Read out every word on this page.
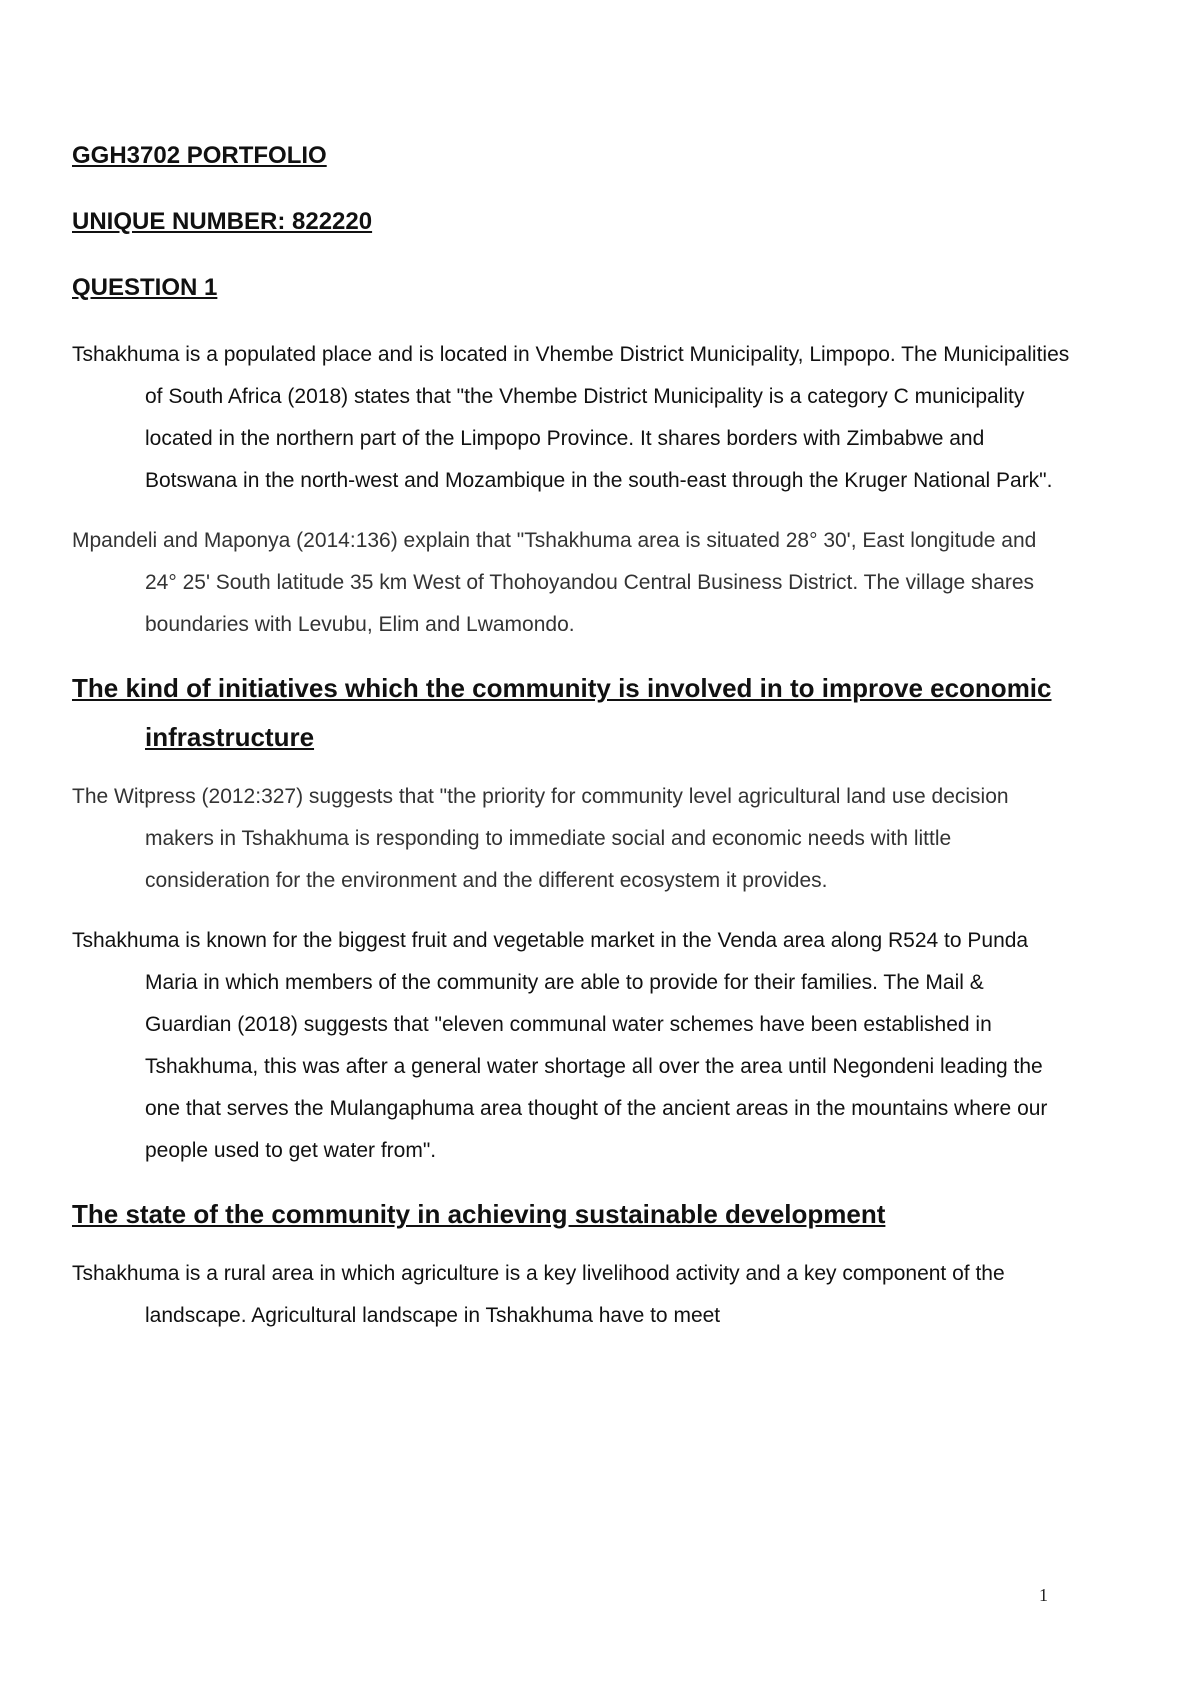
GGH3702 PORTFOLIO

UNIQUE NUMBER: 822220

QUESTION 1

Tshakhuma is a populated place and is located in Vhembe District Municipality, Limpopo. The Municipalities of South Africa (2018) states that "the Vhembe District Municipality is a category C municipality located in the northern part of the Limpopo Province. It shares borders with Zimbabwe and Botswana in the north-west and Mozambique in the south-east through the Kruger National Park".

Mpandeli and Maponya (2014:136) explain that "Tshakhuma area is situated 28° 30', East longitude and 24° 25' South latitude 35 km West of Thohoyandou Central Business District. The village shares boundaries with Levubu, Elim and Lwamondo.

The kind of initiatives which the community is involved in to improve economic infrastructure

The Witpress (2012:327) suggests that "the priority for community level agricultural land use decision makers in Tshakhuma is responding to immediate social and economic needs with little consideration for the environment and the different ecosystem it provides.

Tshakhuma is known for the biggest fruit and vegetable market in the Venda area along R524 to Punda Maria in which members of the community are able to provide for their families. The Mail & Guardian (2018) suggests that "eleven communal water schemes have been established in Tshakhuma, this was after a general water shortage all over the area until Negondeni leading the one that serves the Mulangaphuma area thought of the ancient areas in the mountains where our people used to get water from".

The state of the community in achieving sustainable development

Tshakhuma is a rural area in which agriculture is a key livelihood activity and a key component of the landscape. Agricultural landscape in Tshakhuma have to meet

1
